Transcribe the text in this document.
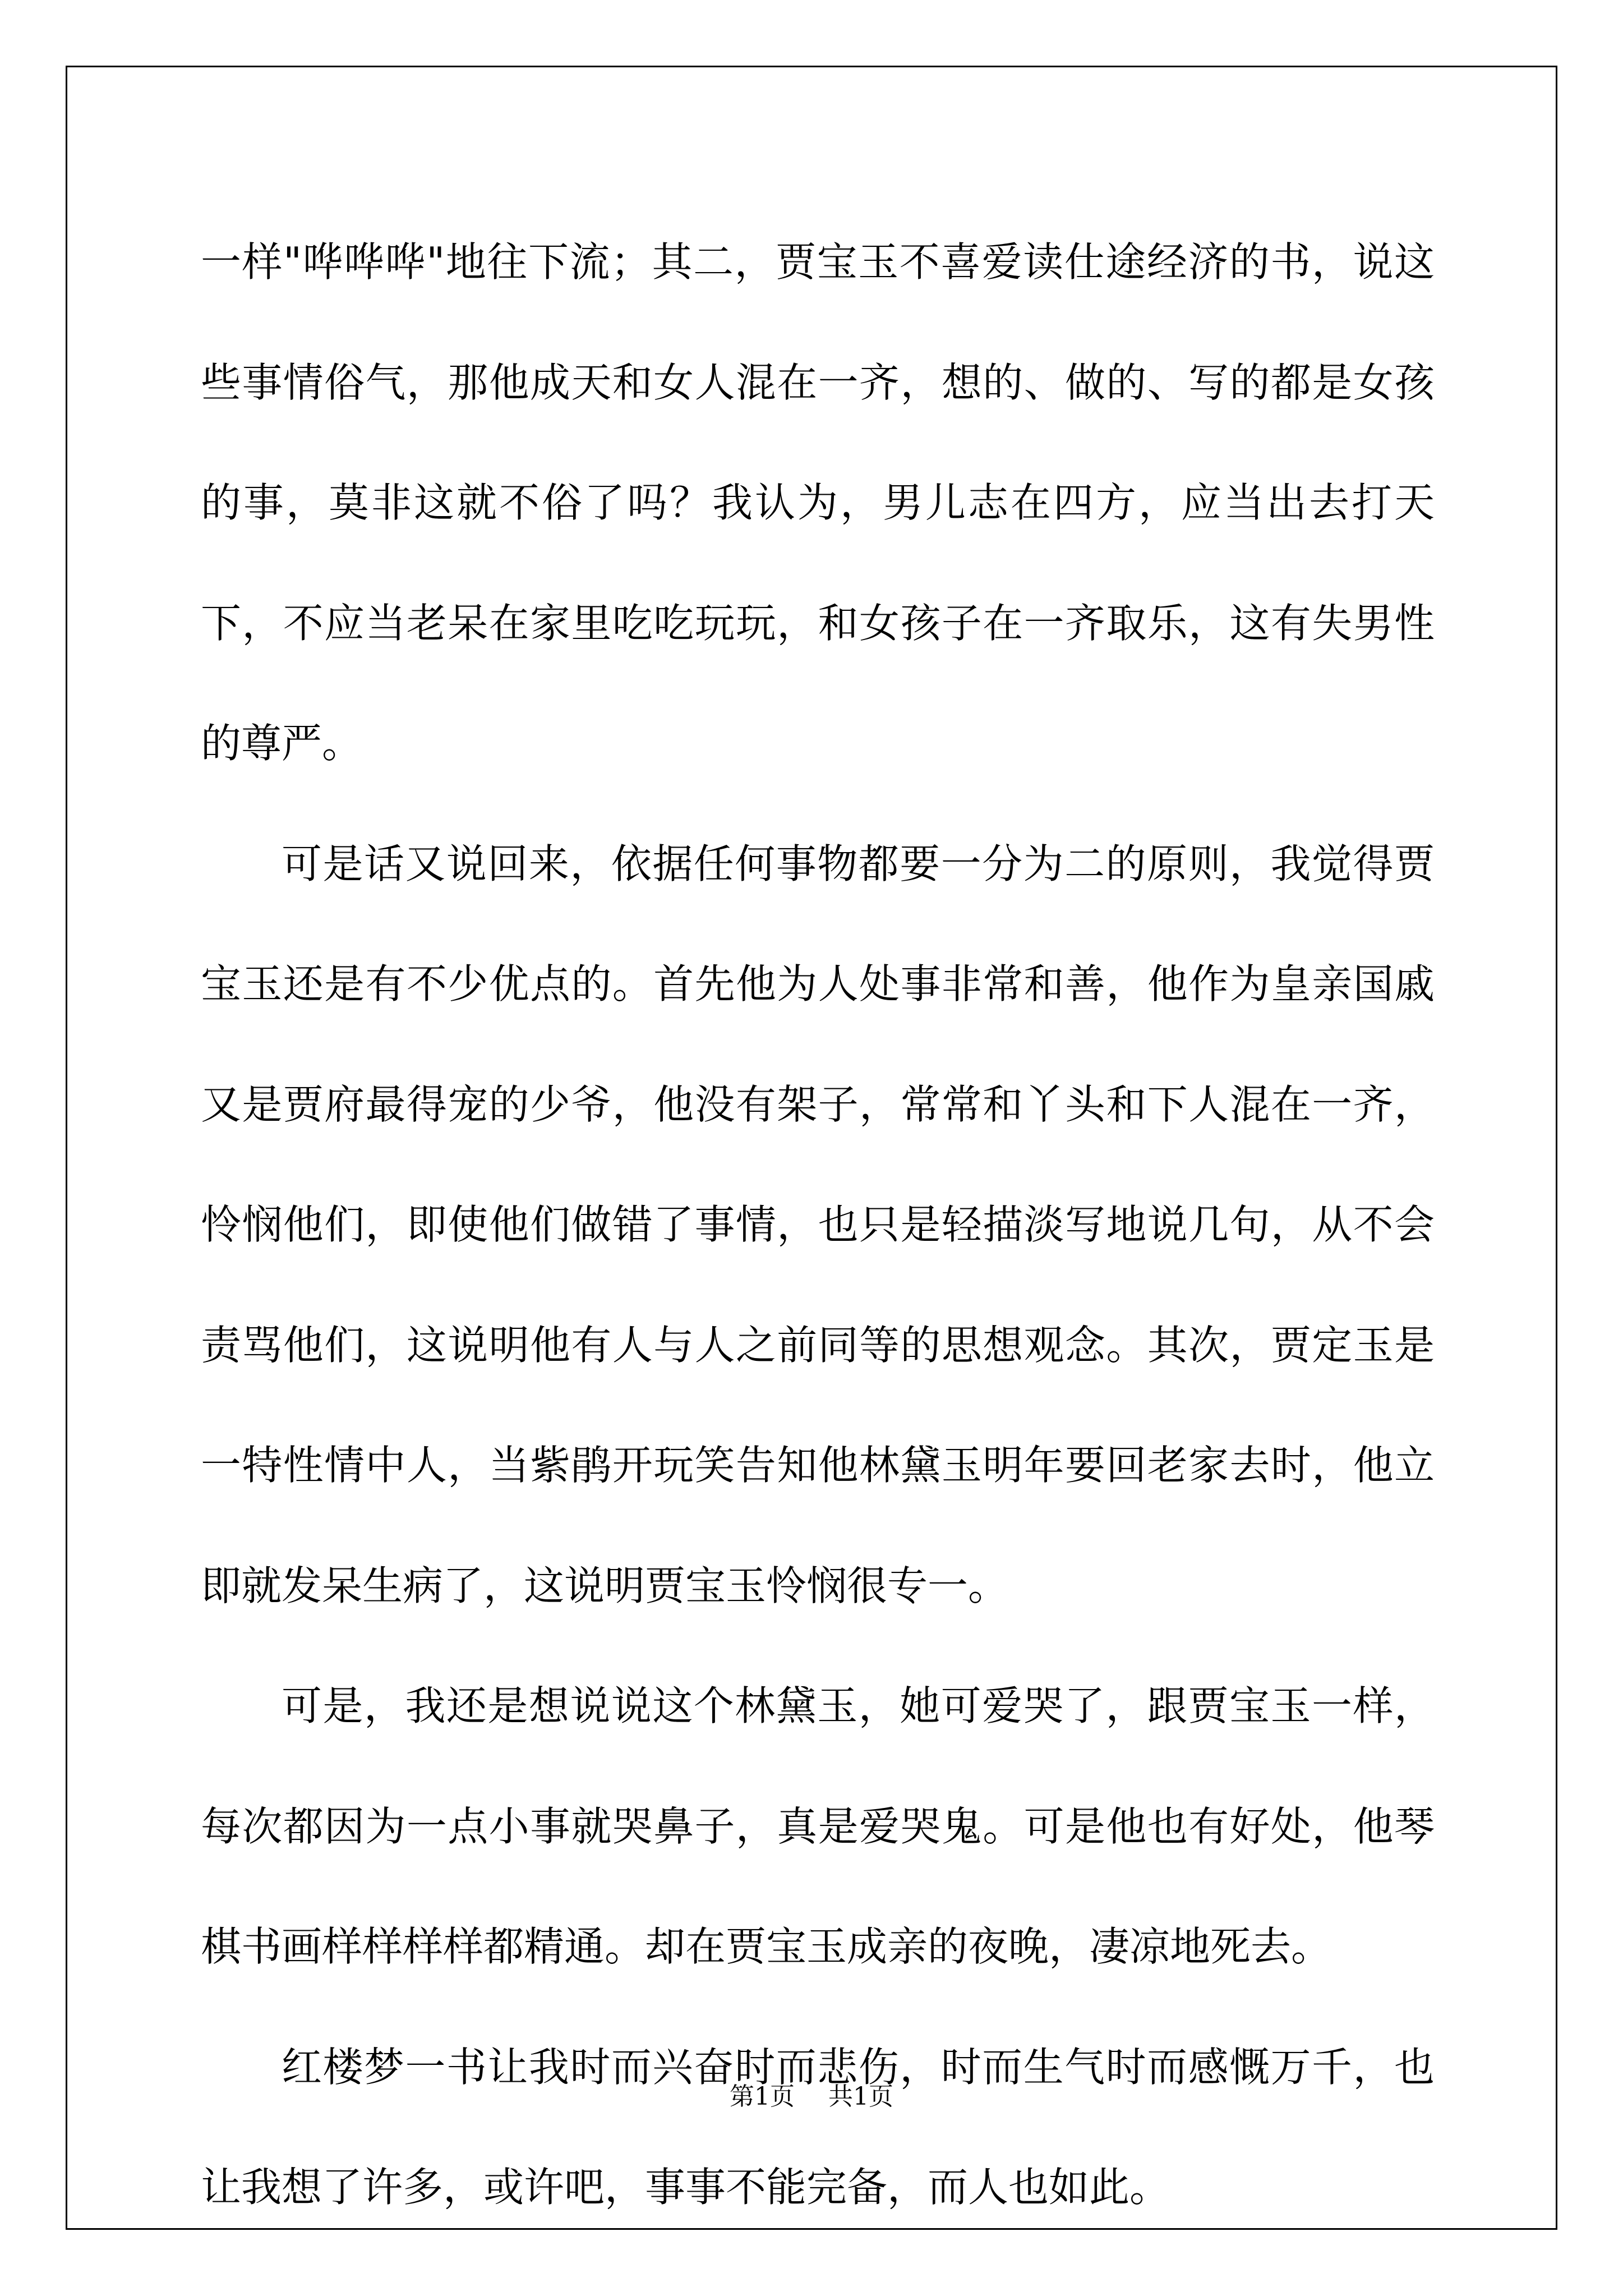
一样"哗哗哗"地往下流；其二，贾宝玉不喜爱读仕途经济的书，说这些事情俗气，那他成天和女人混在一齐，想的、做的、写的都是女孩的事，莫非这就不俗了吗？我认为，男儿志在四方，应当出去打天下，不应当老呆在家里吃吃玩玩，和女孩子在一齐取乐，这有失男性的尊严。

可是话又说回来，依据任何事物都要一分为二的原则，我觉得贾宝玉还是有不少优点的。首先他为人处事非常和善，他作为皇亲国戚又是贾府最得宠的少爷，他没有架子，常常和丫头和下人混在一齐，怜悯他们，即使他们做错了事情，也只是轻描淡写地说几句，从不会责骂他们，这说明他有人与人之前同等的思想观念。其次，贾定玉是一特性情中人，当紫鹃开玩笑告知他林黛玉明年要回老家去时，他立即就发呆生病了，这说明贾宝玉怜悯很专一。

可是，我还是想说说这个林黛玉，她可爱哭了，跟贾宝玉一样，每次都因为一点小事就哭鼻子，真是爱哭鬼。可是他也有好处，他琴棋书画样样样样都精通。却在贾宝玉成亲的夜晚，凄凉地死去。

红楼梦一书让我时而兴奋时而悲伤，时而生气时而感慨万千，也让我想了许多，或许吧，事事不能完备，而人也如此。

第1页 共1页
